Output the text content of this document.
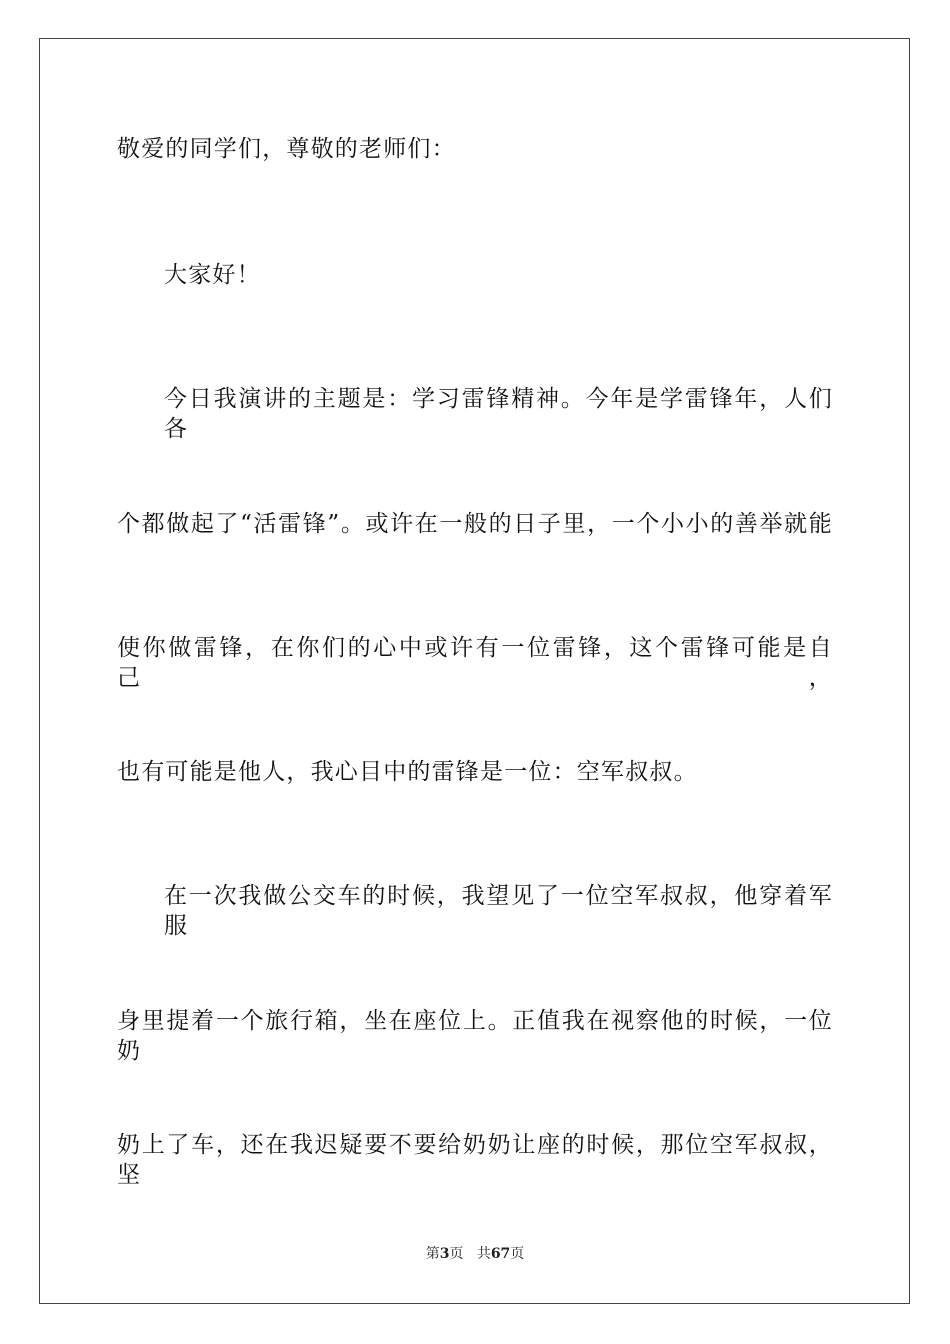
敬爱的同学们，尊敬的老师们：
大家好！
今日我演讲的主题是：学习雷锋精神。今年是学雷锋年，人们各
个都做起了“活雷锋”。或许在一般的日子里，一个小小的善举就能
使你做雷锋，在你们的心中或许有一位雷锋，这个雷锋可能是自己，
也有可能是他人，我心目中的雷锋是一位：空军叔叔。
在一次我做公交车的时候，我望见了一位空军叔叔，他穿着军服
身里提着一个旅行箱，坐在座位上。正值我在视察他的时候，一位奶
奶上了车，还在我迟疑要不要给奶奶让座的时候，那位空军叔叔，坚
第3页 共67页
